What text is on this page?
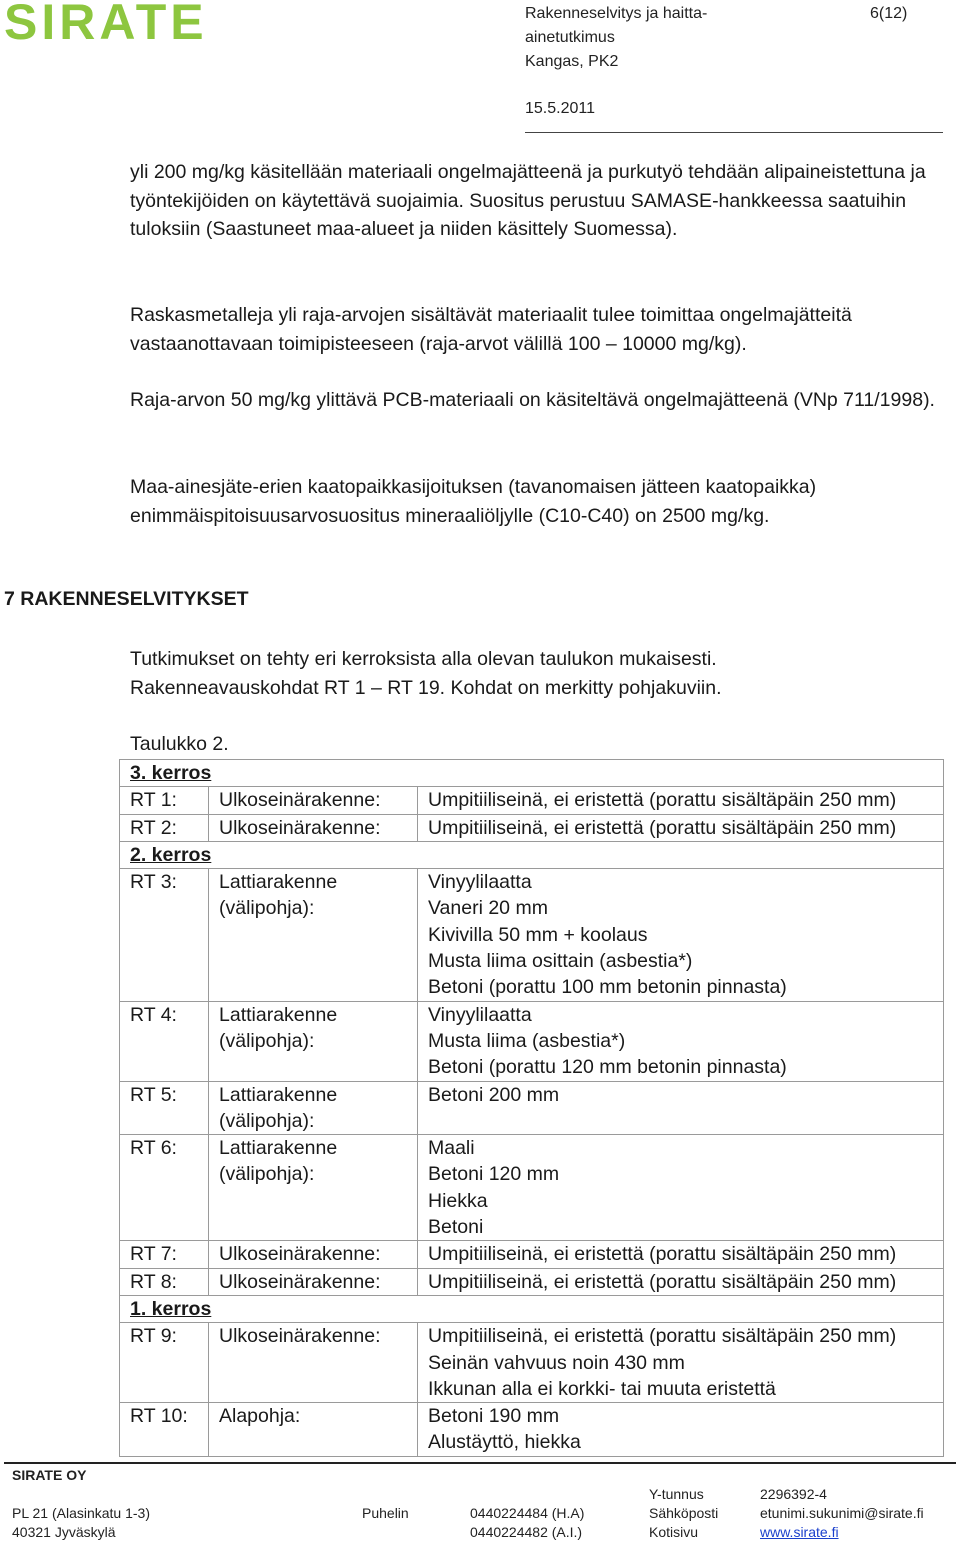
SIRATE	Rakenneselvitys ja haitta-
ainetutkimus
Kangas, PK2
15.5.2011
6(12)
yli 200 mg/kg käsitellään materiaali ongelmajätteenä ja purkutyö tehdään alipaineistettuna ja työntekijöiden on käytettävä suojaimia. Suositus perustuu SAMASE-hankkeessa saatuihin tuloksiin (Saastuneet maa-alueet ja niiden käsittely Suomessa).
Raskasmetalleja yli raja-arvojen sisältävät materiaalit tulee toimittaa ongelmajätteitä vastaanottavaan toimipisteeseen (raja-arvot välillä 100 – 10000 mg/kg).
Raja-arvon 50 mg/kg ylittävä PCB-materiaali on käsiteltävä ongelmajätteenä (VNp 711/1998).
Maa-ainesjäte-erien kaatopaikkasijoituksen (tavanomaisen jätteen kaatopaikka) enimmäispitoisuusarvosuositus mineraaliöljylle (C10-C40) on 2500 mg/kg.
7 RAKENNESELVITYKSET
Tutkimukset on tehty eri kerroksista alla olevan taulukon mukaisesti.
Rakenneavauskohdat RT 1 – RT 19. Kohdat on merkitty pohjakuviin.
Taulukko 2.
3. kerros		
RT 1:	Ulkoseinärakenne:	Umpitiiliseinä, ei eristettä (porattu sisältäpäin 250 mm)

RT 2:	Ulkoseinärakenne:	Umpitiiliseinä, ei eristettä (porattu sisältäpäin 250 mm)

2. kerros		
RT 3:	Lattiarakenne
(välipohja):	Vinyylilaatta
Vaneri 20 mm
Kivivilla 50 mm + koolaus
Musta liima osittain (asbestia*)
Betoni (porattu 100 mm betonin pinnasta)

RT 4:	Lattiarakenne
(välipohja):	Vinyylilaatta
Musta liima (asbestia*)
Betoni (porattu 120 mm betonin pinnasta)

RT 5:	Lattiarakenne
(välipohja):	Betoni 200 mm

RT 6:	Lattiarakenne
(välipohja):	Maali
Betoni 120 mm
Hiekka
Betoni

RT 7:	Ulkoseinärakenne:	Umpitiiliseinä, ei eristettä (porattu sisältäpäin 250 mm)

RT 8:	Ulkoseinärakenne:	Umpitiiliseinä, ei eristettä (porattu sisältäpäin 250 mm)

1. kerros		
RT 9:	Ulkoseinärakenne:	Umpitiiliseinä, ei eristettä (porattu sisältäpäin 250 mm)
Seinän vahvuus noin 430 mm
Ikkunan alla ei korkki- tai muuta eristettä

RT 10:	Alapohja:	Betoni 190 mm
Alustäyttö, hiekka
SIRATE OY
PL 21 (Alasinkatu 1-3)
40321 Jyväskylä
Puhelin	0440224484 (H.A)
0440224482 (A.I.)
Y-tunnus
Sähköposti
Kotisivu
2296392-4
etunimi.sukunimi@sirate.fi
www.sirate.fi
